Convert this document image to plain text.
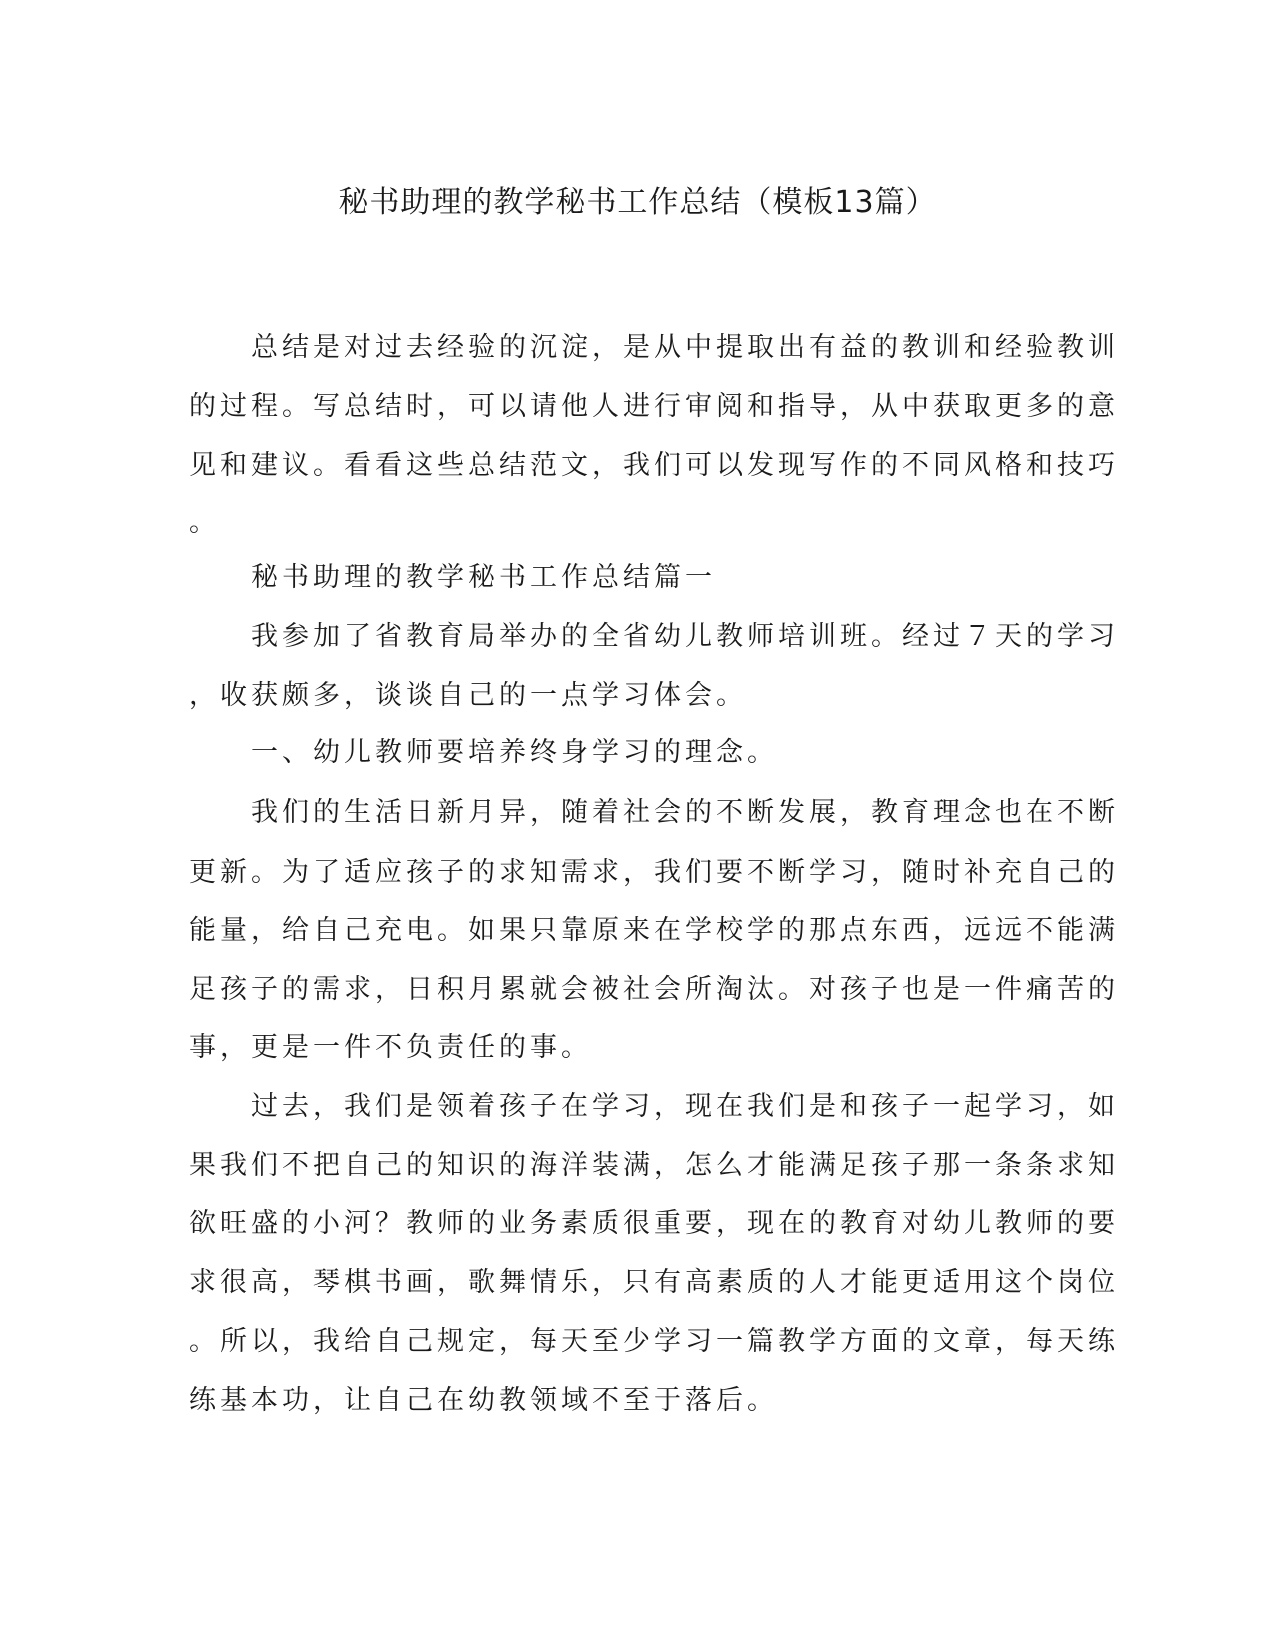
秘书助理的教学秘书工作总结（模板13篇）

　　总结是对过去经验的沉淀，是从中提取出有益的教训和经验教训

的过程。写总结时，可以请他人进行审阅和指导，从中获取更多的意

见和建议。看看这些总结范文，我们可以发现写作的不同风格和技巧

。

　　秘书助理的教学秘书工作总结篇一

　　我参加了省教育局举办的全省幼儿教师培训班。经过７天的学习

，收获颇多，谈谈自己的一点学习体会。

　　一、幼儿教师要培养终身学习的理念。

　　我们的生活日新月异，随着社会的不断发展，教育理念也在不断

更新。为了适应孩子的求知需求，我们要不断学习，随时补充自己的

能量，给自己充电。如果只靠原来在学校学的那点东西，远远不能满

足孩子的需求，日积月累就会被社会所淘汰。对孩子也是一件痛苦的

事，更是一件不负责任的事。

　　过去，我们是领着孩子在学习，现在我们是和孩子一起学习，如

果我们不把自己的知识的海洋装满，怎么才能满足孩子那一条条求知

欲旺盛的小河？教师的业务素质很重要，现在的教育对幼儿教师的要

求很高，琴棋书画，歌舞情乐，只有高素质的人才能更适用这个岗位

。所以，我给自己规定，每天至少学习一篇教学方面的文章，每天练

练基本功，让自己在幼教领域不至于落后。
